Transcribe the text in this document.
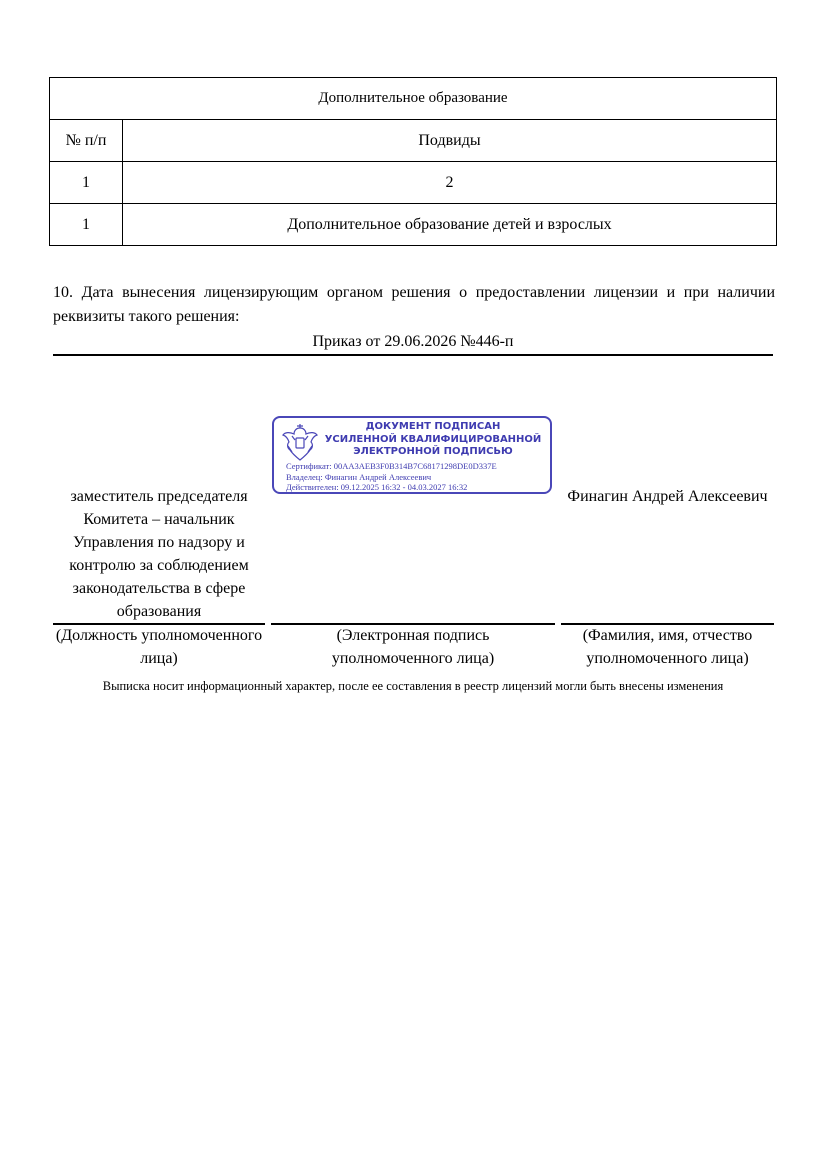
Дополнительное образование	
№ п/п	Подвиды
1	2
1	Дополнительное образование детей и взрослых
10. Дата вынесения лицензирующим органом решения о предоставлении лицензии и при наличии реквизиты такого решения:
Приказ от 29.06.2026 №446-п
ДОКУМЕНТ ПОДПИСАН
УСИЛЕННОЙ КВАЛИФИЦИРОВАННОЙ
ЭЛЕКТРОННОЙ ПОДПИСЬЮ
Сертификат: 00AA3AEB3F0B314B7C68171298DE0D337E
Владелец: Финагин Андрей Алексеевич
Действителен: 09.12.2025 16:32 - 04.03.2027 16:32
заместитель председателя Комитета – начальник Управления по надзору и контролю за соблюдением законодательства в сфере образования
Финагин Андрей Алексеевич
(Должность уполномоченного лица)
(Электронная подпись уполномоченного лица)
(Фамилия, имя, отчество уполномоченного лица)
Выписка носит информационный характер, после ее составления в реестр лицензий могли быть внесены изменения
